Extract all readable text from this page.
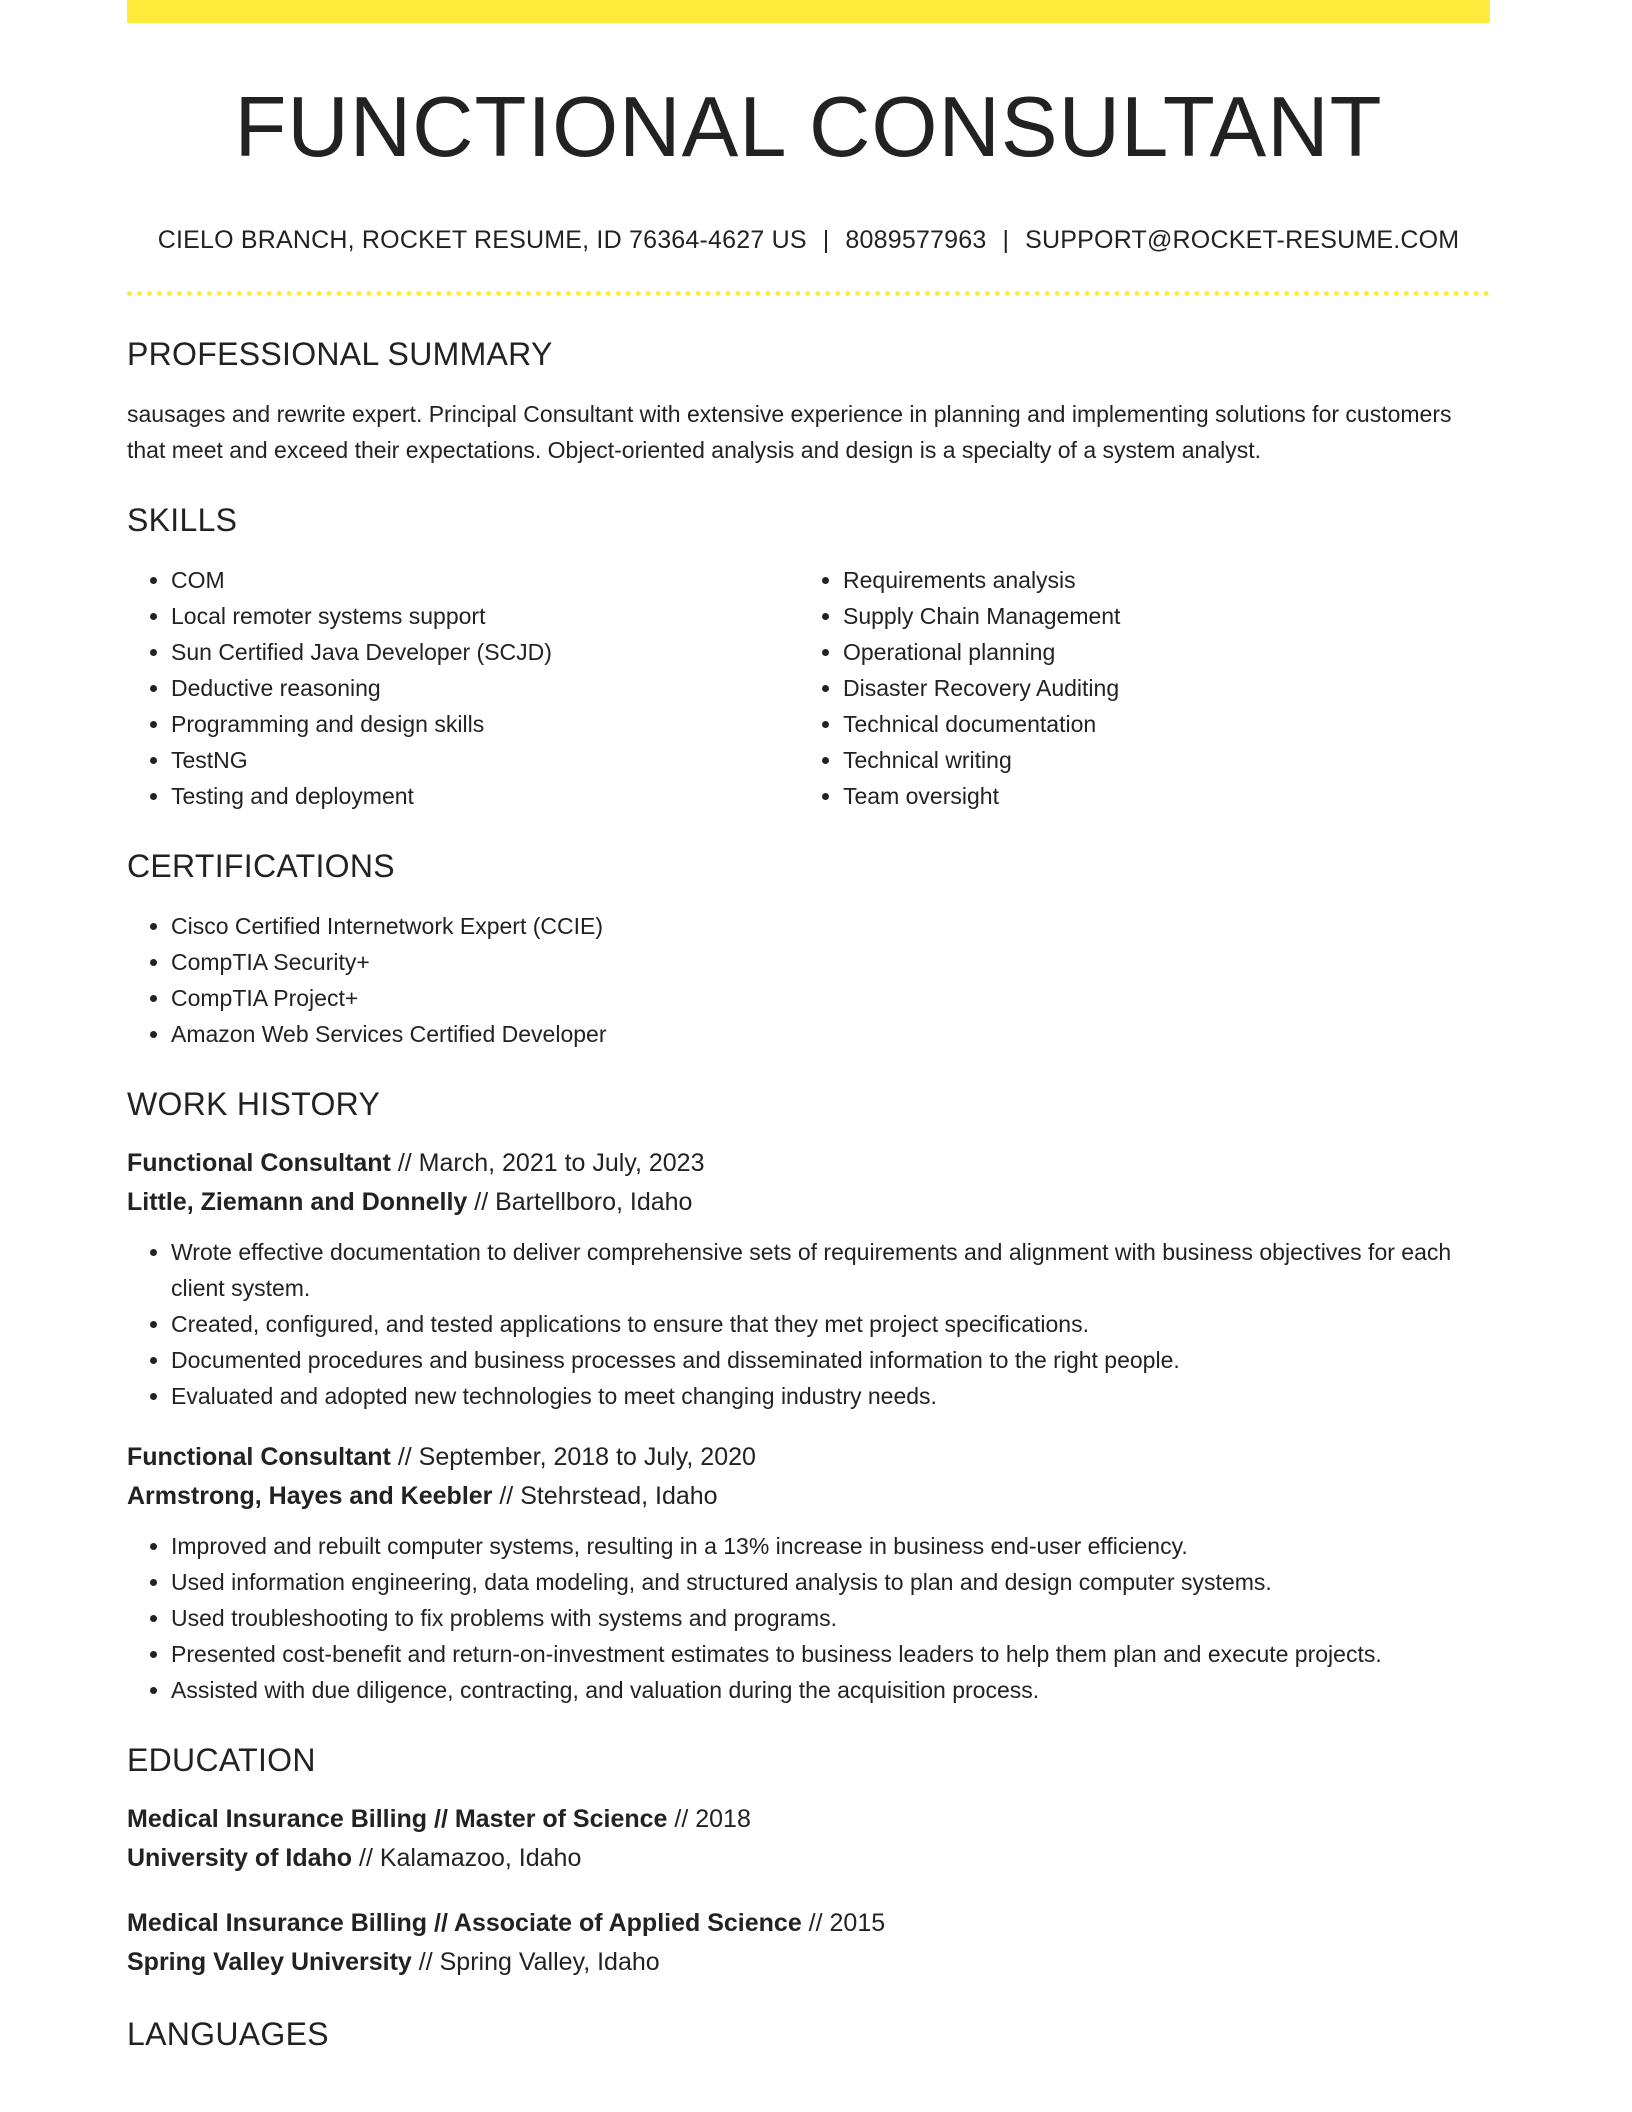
FUNCTIONAL CONSULTANT
CIELO BRANCH, ROCKET RESUME, ID 76364-4627 US | 8089577963 | SUPPORT@ROCKET-RESUME.COM
PROFESSIONAL SUMMARY
sausages and rewrite expert. Principal Consultant with extensive experience in planning and implementing solutions for customers that meet and exceed their expectations. Object-oriented analysis and design is a specialty of a system analyst.
SKILLS
• COM
• Local remoter systems support
• Sun Certified Java Developer (SCJD)
• Deductive reasoning
• Programming and design skills
• TestNG
• Testing and deployment
• Requirements analysis
• Supply Chain Management
• Operational planning
• Disaster Recovery Auditing
• Technical documentation
• Technical writing
• Team oversight
CERTIFICATIONS
• Cisco Certified Internetwork Expert (CCIE)
• CompTIA Security+
• CompTIA Project+
• Amazon Web Services Certified Developer
WORK HISTORY
Functional Consultant // March, 2021 to July, 2023
Little, Ziemann and Donnelly // Bartellboro, Idaho
• Wrote effective documentation to deliver comprehensive sets of requirements and alignment with business objectives for each client system.
• Created, configured, and tested applications to ensure that they met project specifications.
• Documented procedures and business processes and disseminated information to the right people.
• Evaluated and adopted new technologies to meet changing industry needs.
Functional Consultant // September, 2018 to July, 2020
Armstrong, Hayes and Keebler // Stehrstead, Idaho
• Improved and rebuilt computer systems, resulting in a 13% increase in business end-user efficiency.
• Used information engineering, data modeling, and structured analysis to plan and design computer systems.
• Used troubleshooting to fix problems with systems and programs.
• Presented cost-benefit and return-on-investment estimates to business leaders to help them plan and execute projects.
• Assisted with due diligence, contracting, and valuation during the acquisition process.
EDUCATION
Medical Insurance Billing // Master of Science // 2018
University of Idaho // Kalamazoo, Idaho
Medical Insurance Billing // Associate of Applied Science // 2015
Spring Valley University // Spring Valley, Idaho
LANGUAGES
